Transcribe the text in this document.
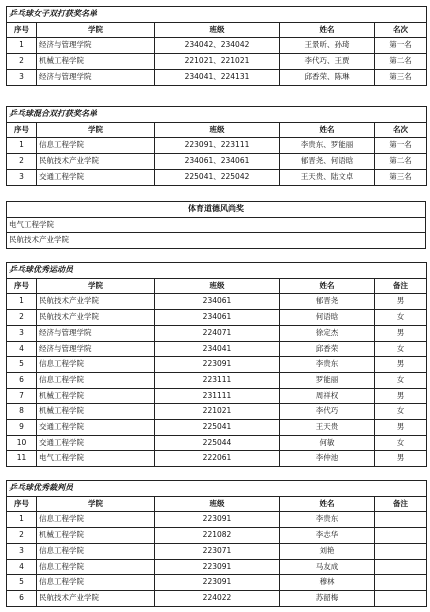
乒乓球女子双打获奖名单				
序号	学院	班级	姓名	名次
1	经济与管理学院	234042、234042	王景昕、孙琦	第一名
2	机械工程学院	221021、221021	李代巧、王贾	第二名
3	经济与管理学院	234041、224131	邱香荣、陈琳	第三名
乒乓球混合双打获奖名单				
序号	学院	班级	姓名	名次
1	信息工程学院	223091、223111	李贵东、罗能丽	第一名
2	民航技术产业学院	234061、234061	郁晋尧、何语晗	第二名
3	交通工程学院	225041、225042	王天贵、陆文卓	第三名
体育道德风尚奖
电气工程学院
民航技术产业学院
乒乓球优秀运动员				
序号	学院	班级	姓名	备注
1	民航技术产业学院	234061	郁晋尧	男
2	民航技术产业学院	234061	何语晗	女
3	经济与管理学院	224071	徐定杰	男
4	经济与管理学院	234041	邱香荣	女
5	信息工程学院	223091	李贵东	男
6	信息工程学院	223111	罗能丽	女
7	机械工程学院	231111	周祥权	男
8	机械工程学院	221021	李代巧	女
9	交通工程学院	225041	王天贵	男
10	交通工程学院	225044	何敏	女
11	电气工程学院	222061	李仲池	男
乒乓球优秀裁判员				
序号	学院	班级	姓名	备注
1	信息工程学院	223091	李贵东	
2	机械工程学院	221082	李志华	
3	信息工程学院	223071	刘艳	
4	信息工程学院	223091	马友成	
5	信息工程学院	223091	穆林	
6	民航技术产业学院	224022	苏韶梅	
